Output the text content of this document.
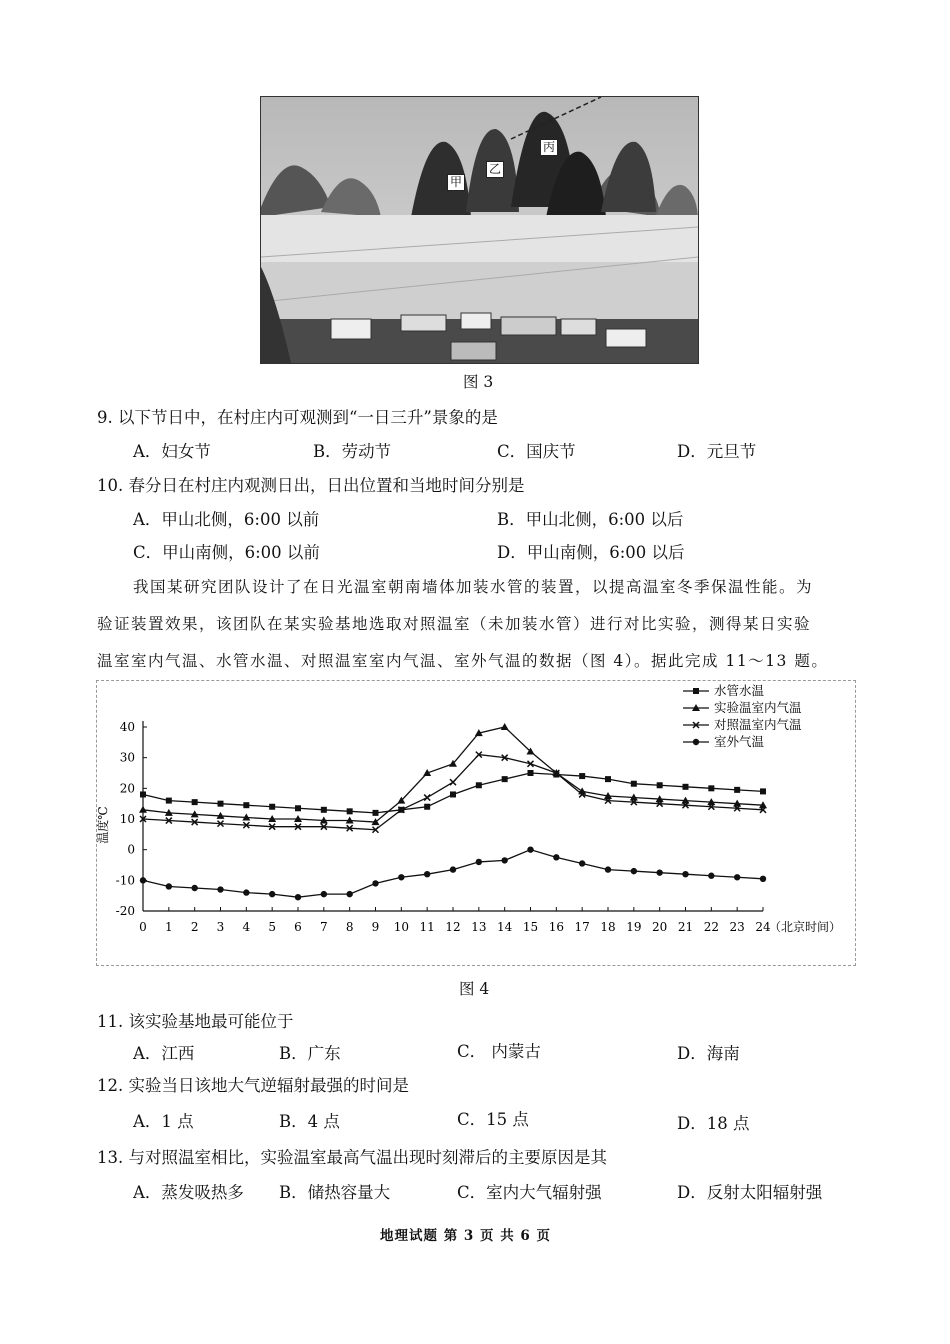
甲
乙
丙
图 3
9. 以下节日中，在村庄内可观测到“一日三升”景象的是
A．妇女节	B．劳动节	C．国庆节	D．元旦节
10. 春分日在村庄内观测日出，日出位置和当地时间分别是
A．甲山北侧，6:00 以前	B．甲山北侧，6:00 以后
C．甲山南侧，6:00 以前	D．甲山南侧，6:00 以后
我国某研究团队设计了在日光温室朝南墙体加装水管的装置，以提高温室冬季保温性能。为
验证装置效果，该团队在某实验基地选取对照温室（未加装水管）进行对比实验，测得某日实验
温室室内气温、水管水温、对照温室室内气温、室外气温的数据（图 4）。据此完成 11～13 题。
-20
-10
0
10
20
30
40
0 1 2 3 4 5 6 7 8 9 10 11 12 13 14 15 16 17 18 19 20 21 22 23 24
水管水温
实验温室内气温
对照温室内气温
室外气温
温度℃
（北京时间）
图 4
11. 该实验基地最可能位于
A．江西	B．广东	C． 内蒙古	D．海南
12. 实验当日该地大气逆辐射最强的时间是
A．1 点	B．4 点	C．15 点	D．18 点
13. 与对照温室相比，实验温室最高气温出现时刻滞后的主要原因是其
A．蒸发吸热多 B．储热容量大	C．室内大气辐射强	D．反射太阳辐射强
地理试题 第 3 页 共 6 页
